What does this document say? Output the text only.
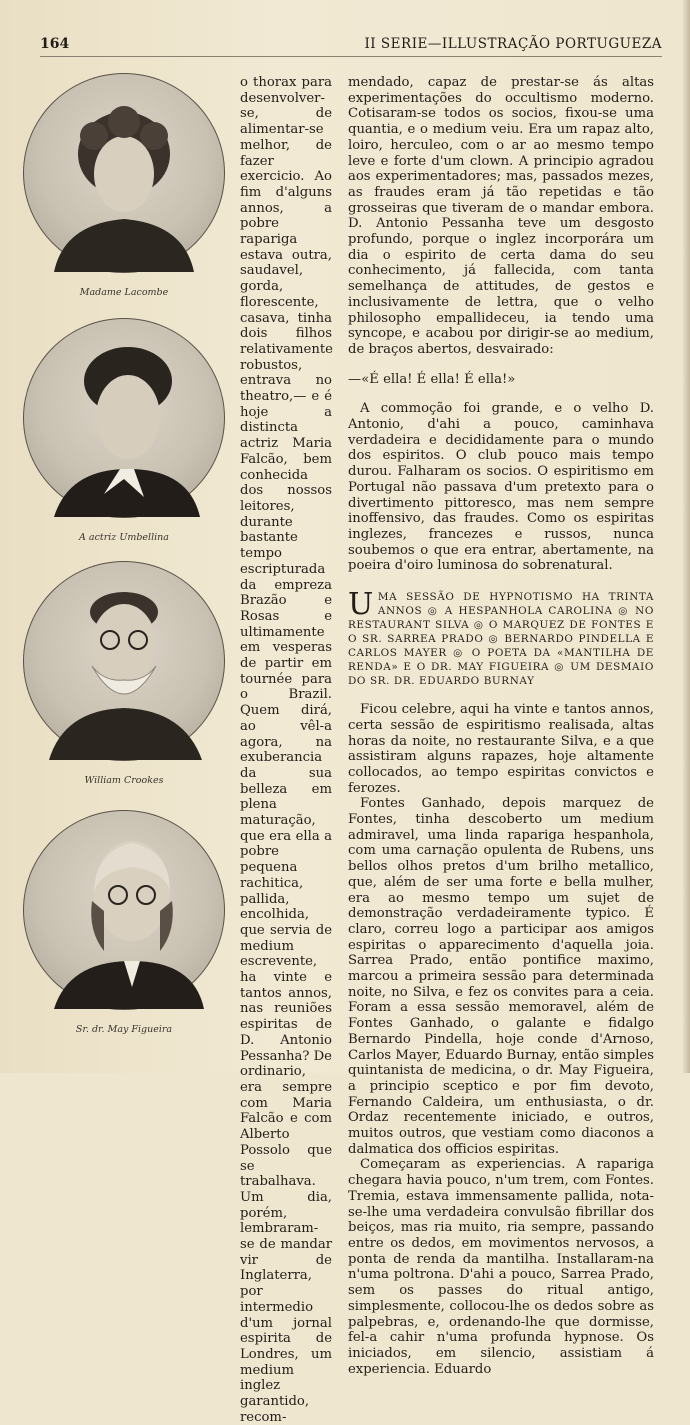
164	II SERIE—ILLUSTRAÇÃO PORTUGUEZA
Madame Lacombe
A actriz Umbellina
William Crookes
Sr. dr. May Figueira

o thorax para desenvolver-se, de alimentar-se melhor, de fazer exercicio. Ao fim d'alguns annos, a pobre rapariga estava outra, saudavel, gorda, florescente, casava, tinha dois filhos relativamente robustos, entrava no theatro,— e é hoje a distincta actriz Maria Falcão, bem conhecida dos nossos leitores, durante bastante tempo escripturada da empreza Brazão e Rosas e ultimamente em vesperas de partir em tournée para o Brazil. Quem dirá, ao vêl-a agora, na exuberancia da sua belleza em plena maturação, que era ella a pobre pequena rachitica, pallida, encolhida, que servia de medium escrevente, ha vinte e tantos annos, nas reuniões espiritas de D. Antonio Pessanha? De ordinario, era sempre com Maria Falcão e com Alberto Possolo que se trabalhava. Um dia, porém, lembraram-se de mandar vir de Inglaterra, por intermedio d'um jornal espirita de Londres, um medium inglez garantido, recom-

mendado, capaz de prestar-se ás altas experimentações do occultismo moderno. Cotisaram-se todos os socios, fixou-se uma quantia, e o medium veiu. Era um rapaz alto, loiro, herculeo, com o ar ao mesmo tempo leve e forte d'um clown. A principio agradou aos experimentadores; mas, passados mezes, as fraudes eram já tão repetidas e tão grosseiras que tiveram de o mandar embora. D. Antonio Pessanha teve um desgosto profundo, porque o inglez incorporára um dia o espirito de certa dama do seu conhecimento, já fallecida, com tanta semelhança de attitudes, de gestos e inclusivamente de lettra, que o velho philosopho empallideceu, ia tendo uma syncope, e acabou por dirigir-se ao medium, de braços abertos, desvairado:

—«É ella! É ella! É ella!»

A commoção foi grande, e o velho D. Antonio, d'ahi a pouco, caminhava verdadeira e decididamente para o mundo dos espiritos. O club pouco mais tempo durou. Falharam os socios. O espiritismo em Portugal não passava d'um pretexto para o divertimento pittoresco, mas nem sempre inoffensivo, das fraudes. Como os espiritas inglezes, francezes e russos, nunca soubemos o que era entrar, abertamente, na poeira d'oiro luminosa do sobrenatural.

U MA SESSÃO DE HYPNOTISMO HA TRINTA ANNOS ◎ A HESPANHOLA CAROLINA ◎ NO RESTAURANT SILVA ◎ O MARQUEZ DE FONTES E O SR. SARREA PRADO ◎ BERNARDO PINDELLA E CARLOS MAYER ◎ O POETA DA «MANTILHA DE RENDA» E O DR. MAY FIGUEIRA ◎ UM DESMAIO DO SR. DR. EDUARDO BURNAY

Ficou celebre, aqui ha vinte e tantos annos, certa sessão de espiritismo realisada, altas horas da noite, no restaurante Silva, e a que assistiram alguns rapazes, hoje altamente collocados, ao tempo espiritas convictos e ferozes.

Fontes Ganhado, depois marquez de Fontes, tinha descoberto um medium admiravel, uma linda rapariga hespanhola, com uma carnação opulenta de Rubens, uns bellos olhos pretos d'um brilho metallico, que, além de ser uma forte e bella mulher, era ao mesmo tempo um sujet de demonstração verdadeiramente typico. É claro, correu logo a participar aos amigos espiritas o apparecimento d'aquella joia. Sarrea Prado, então pontifice maximo, marcou a primeira sessão para determinada noite, no Silva, e fez os convites para a ceia. Foram a essa sessão memoravel, além de Fontes Ganhado, o galante e fidalgo Bernardo Pindella, hoje conde d'Arnoso, Carlos Mayer, Eduardo Burnay, então simples quintanista de medicina, o dr. May Figueira, a principio sceptico e por fim devoto, Fernando Caldeira, um enthusiasta, o dr. Ordaz recentemente iniciado, e outros, muitos outros, que vestiam como diaconos a dalmatica dos officios espiritas.

Começaram as experiencias. A rapariga chegara havia pouco, n'um trem, com Fontes. Tremia, estava immensamente pallida, nota-se-lhe uma verdadeira convulsão fibrillar dos beiços, mas ria muito, ria sempre, passando entre os dedos, em movimentos nervosos, a ponta de renda da mantilha. Installaram-na n'uma poltrona. D'ahi a pouco, Sarrea Prado, sem os passes do ritual antigo, simplesmente, collocou-lhe os dedos sobre as palpebras, e, ordenando-lhe que dormisse, fel-a cahir n'uma profunda hypnose. Os iniciados, em silencio, assistiam á experiencia. Eduardo
